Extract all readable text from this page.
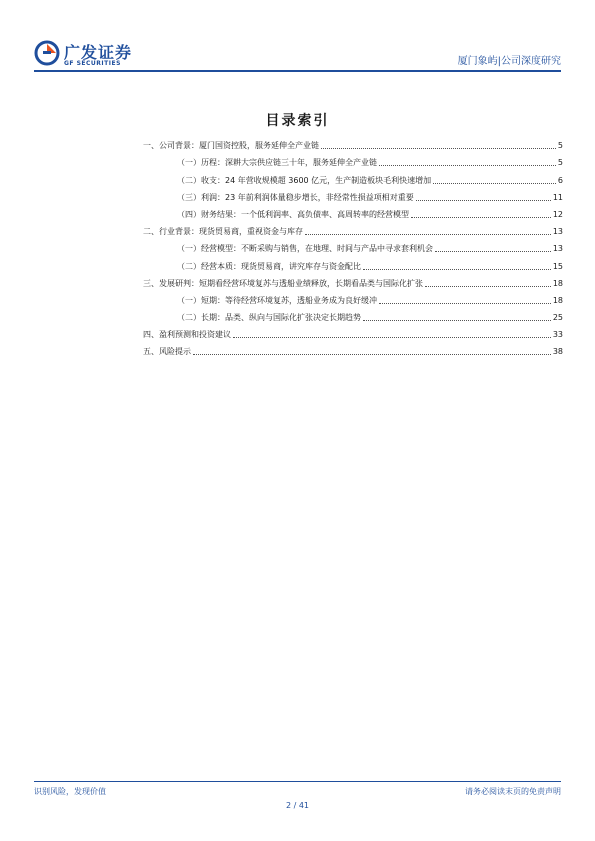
广发证券
GF SECURITIES	厦门象屿|公司深度研究
目录索引
一、公司背景：厦门国资控股，服务延伸全产业链	5
（一）历程：深耕大宗供应链三十年，服务延伸全产业链	5
（二）收支：24 年营收规模超 3600 亿元，生产制造板块毛利快速增加	6
（三）利润：23 年前利润体量稳步增长，非经常性损益项相对重要	11
（四）财务结果：一个低利润率、高负债率、高周转率的经营模型	12
二、行业背景：现货贸易商，重视资金与库存	13
（一）经营模型：不断采购与销售，在地理、时间与产品中寻求套利机会	13
（二）经营本质：现货贸易商，讲究库存与资金配比	15
三、发展研判：短期看经营环境复苏与透船业绩释放，长期看品类与国际化扩张	18
（一）短期：等待经营环境复苏，透船业务成为良好缓冲	18
（二）长期：品类、纵向与国际化扩张决定长期趋势	25
四、盈利预测和投资建议	33
五、风险提示	38
识别风险，发现价值	请务必阅读末页的免责声明
2 / 41
